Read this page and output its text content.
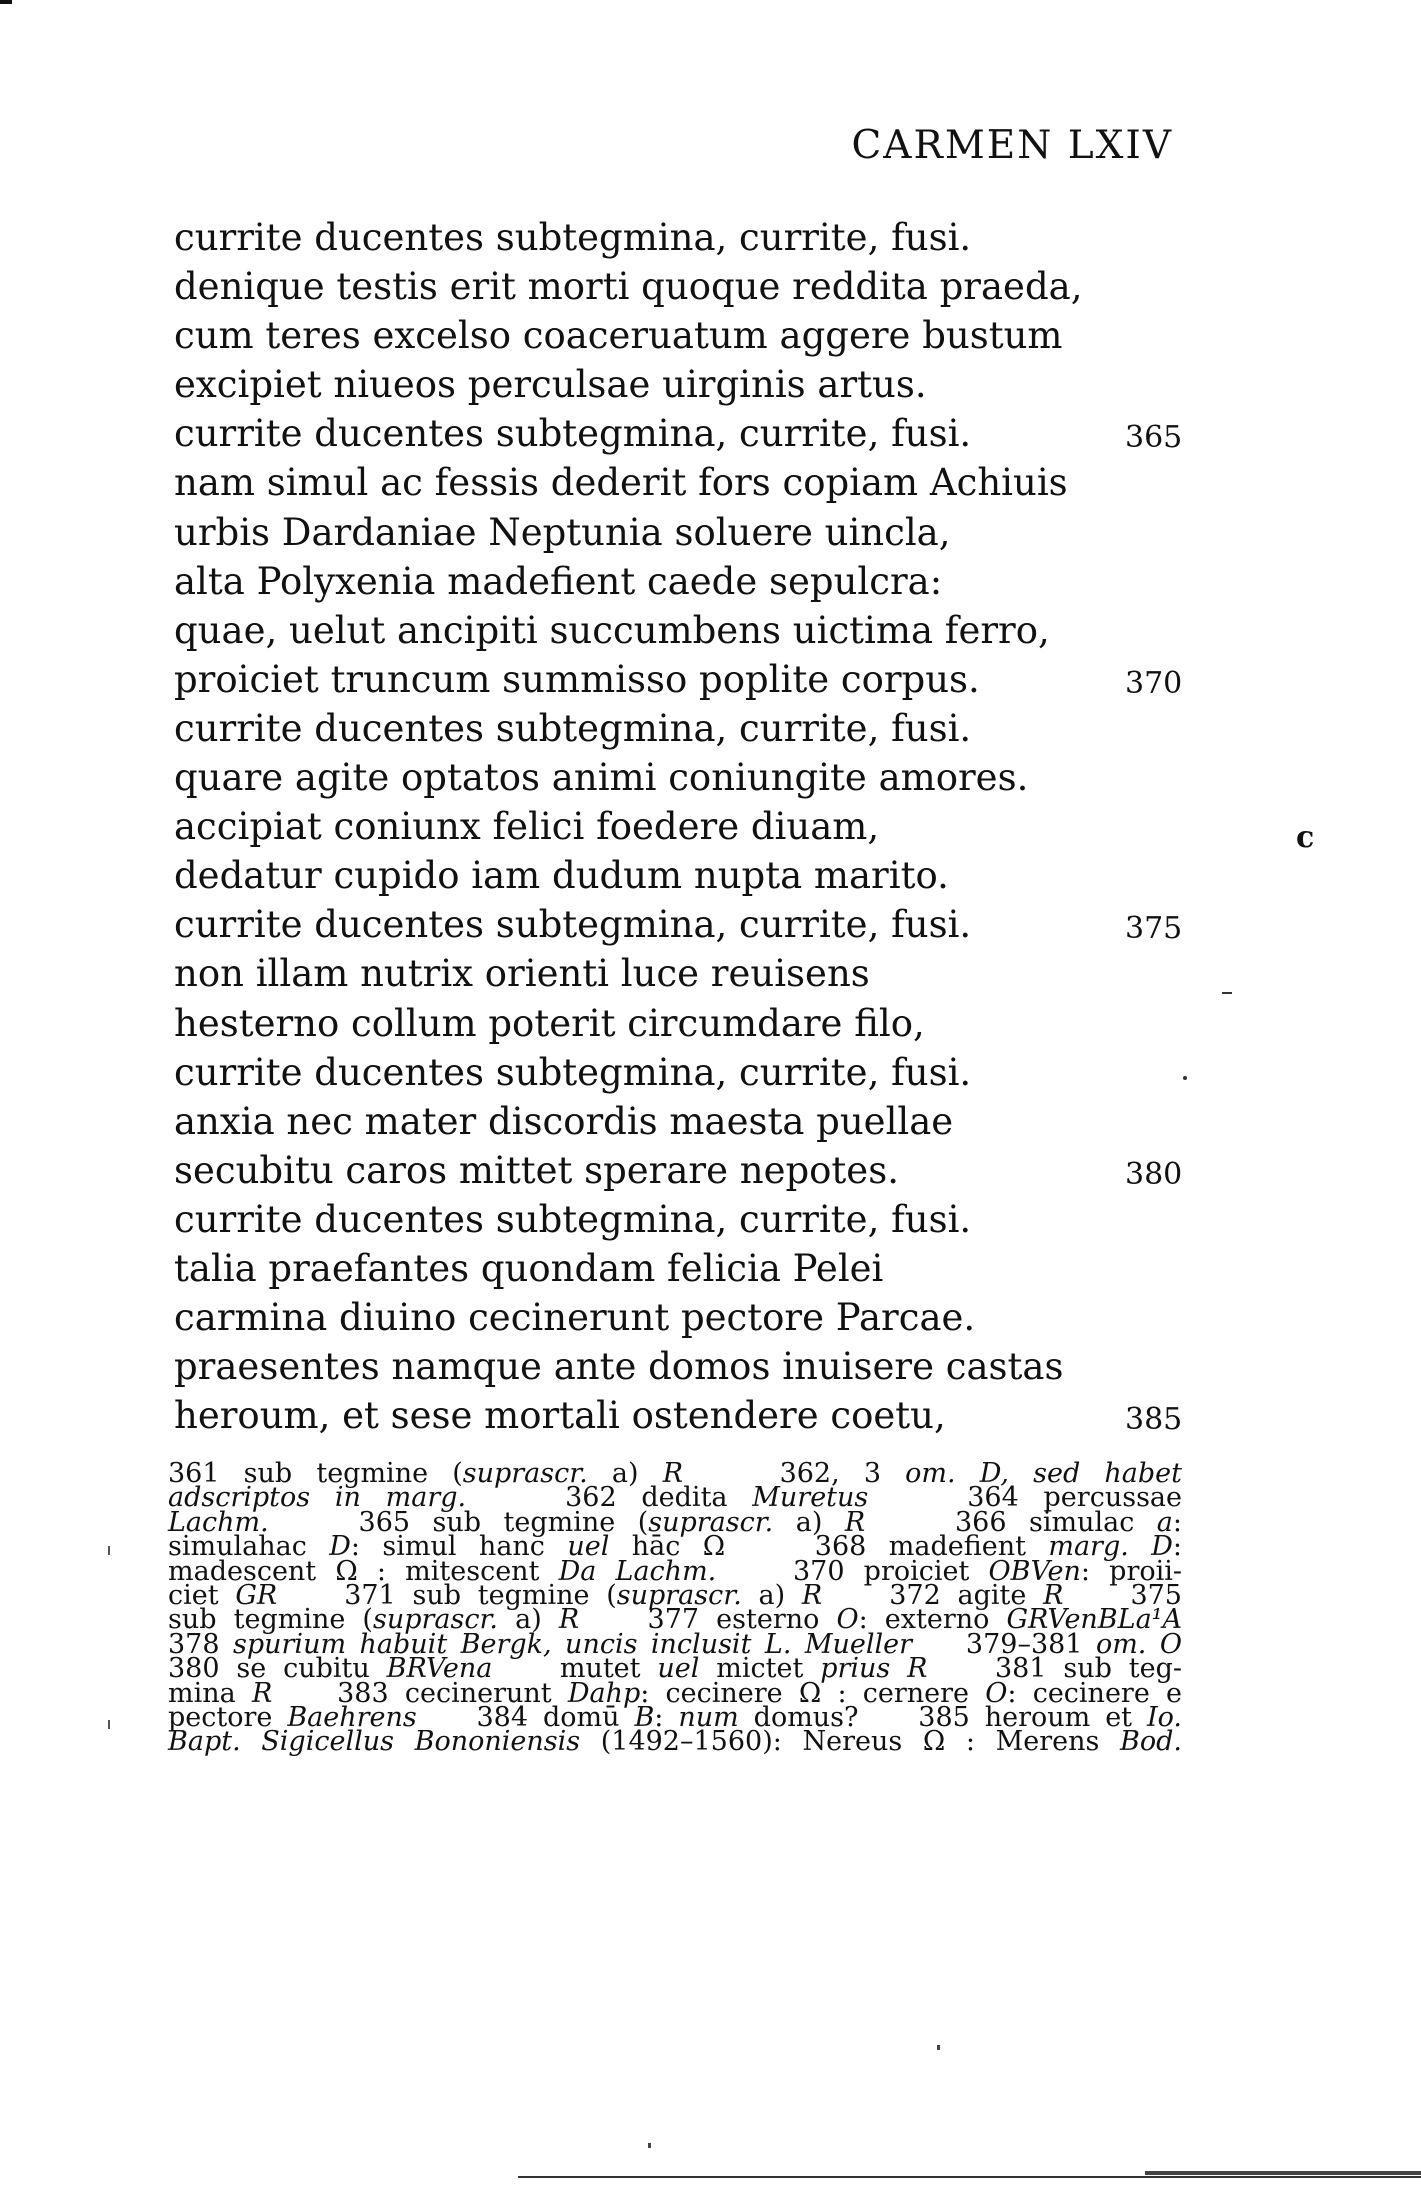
CARMEN LXIV
currite ducentes subtegmina, currite, fusi.
denique testis erit morti quoque reddita praeda,
cum teres excelso coaceruatum aggere bustum
excipiet niueos perculsae uirginis artus.
currite ducentes subtegmina, currite, fusi.	365
nam simul ac fessis dederit fors copiam Achiuis
urbis Dardaniae Neptunia soluere uincla,
alta Polyxenia madefient caede sepulcra:
quae, uelut ancipiti succumbens uictima ferro,
proiciet truncum summisso poplite corpus.	370
currite ducentes subtegmina, currite, fusi.
quare agite optatos animi coniungite amores.
accipiat coniunx felici foedere diuam,
dedatur cupido iam dudum nupta marito.
currite ducentes subtegmina, currite, fusi.	375
non illam nutrix orienti luce reuisens
hesterno collum poterit circumdare filo,
currite ducentes subtegmina, currite, fusi.
anxia nec mater discordis maesta puellae
secubitu caros mittet sperare nepotes.	380
currite ducentes subtegmina, currite, fusi.
talia praefantes quondam felicia Pelei
carmina diuino cecinerunt pectore Parcae.
praesentes namque ante domos inuisere castas
heroum, et sese mortali ostendere coetu,	385
c
361 sub tegmine (suprascr. a) R    362, 3 om. D, sed habet
adscriptos in marg.    362 dedita Muretus    364 percussae
Lachm.    365 sub tegmine (suprascr. a) R    366 simulac a:
simulahac D: simul hanc uel hāc Ω    368 madefient marg. D:
madescent Ω : mitescent Da Lachm.    370 proiciet OBVen: proii-
ciet GR    371 sub tegmine (suprascr. a) R    372 agite R    375
sub tegmine (suprascr. a) R    377 esterno O: externo GRVenBLa¹A
378 spurium habuit Bergk, uncis inclusit L. Mueller    379–381 om. O
380 se cubitu BRVena    mutet uel mictet prius R    381 sub teg-
mina R    383 cecinerunt Dahp: cecinere Ω : cernere O: cecinere e
pectore Baehrens    384 domū B: num domus?    385 heroum et Io.
Bapt. Sigicellus Bononiensis (1492–1560): Nereus Ω : Merens Bod.
